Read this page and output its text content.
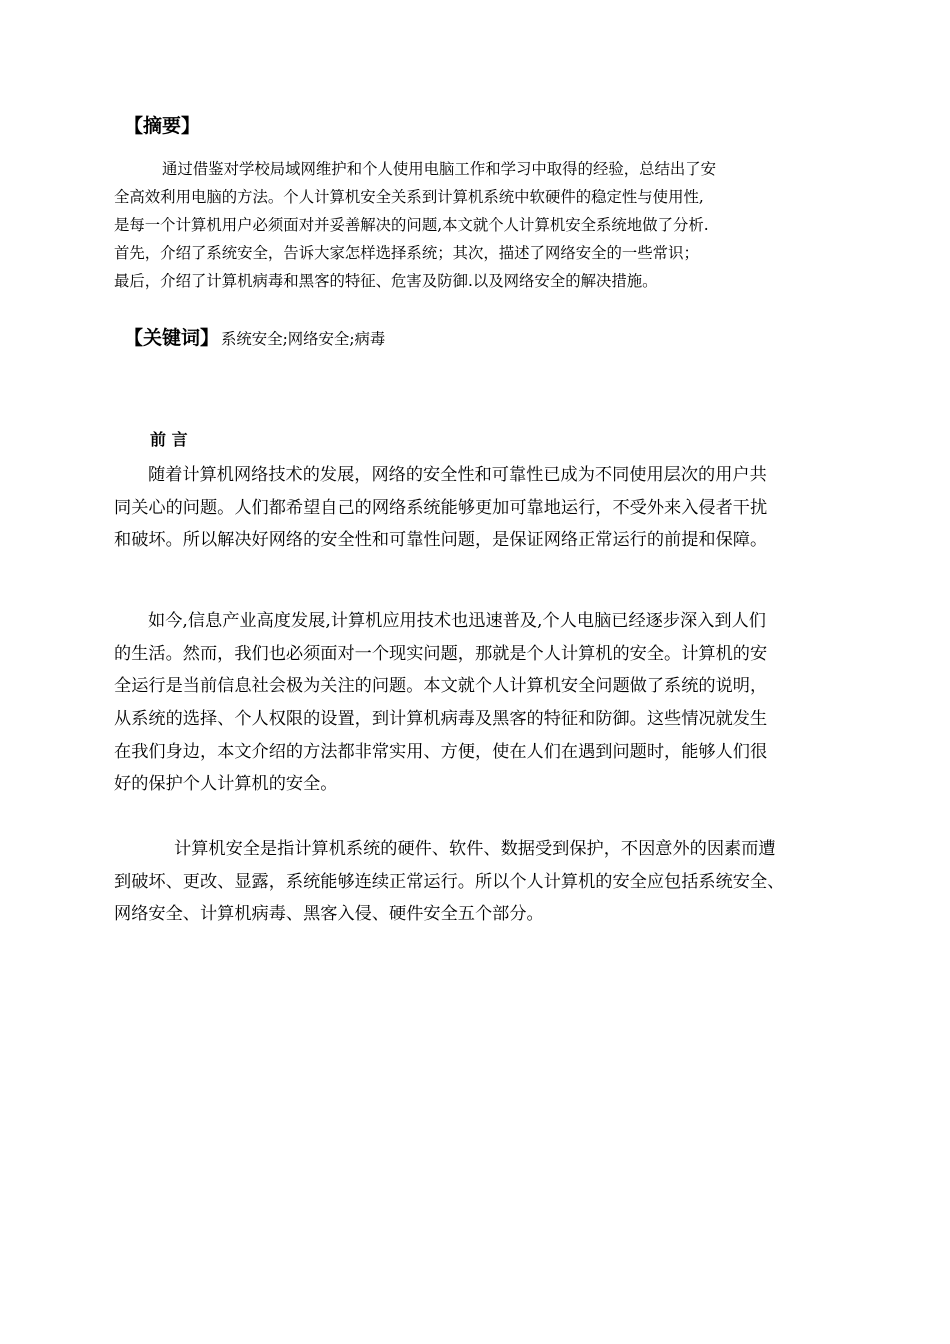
【摘要】
通过借鉴对学校局域网维护和个人使用电脑工作和学习中取得的经验，总结出了安
全高效利用电脑的方法。个人计算机安全关系到计算机系统中软硬件的稳定性与使用性,
是每一个计算机用户必须面对并妥善解决的问题,本文就个人计算机安全系统地做了分析.
首先，介绍了系统安全，告诉大家怎样选择系统；其次，描述了网络安全的一些常识；
最后，介绍了计算机病毒和黑客的特征、危害及防御.以及网络安全的解决措施。
【关键词】 系统安全;网络安全;病毒
前 言
随着计算机网络技术的发展，网络的安全性和可靠性已成为不同使用层次的用户共
同关心的问题。人们都希望自己的网络系统能够更加可靠地运行，不受外来入侵者干扰
和破坏。所以解决好网络的安全性和可靠性问题，是保证网络正常运行的前提和保障。
如今,信息产业高度发展,计算机应用技术也迅速普及,个人电脑已经逐步深入到人们
的生活。然而，我们也必须面对一个现实问题，那就是个人计算机的安全。计算机的安
全运行是当前信息社会极为关注的问题。本文就个人计算机安全问题做了系统的说明，
从系统的选择、个人权限的设置，到计算机病毒及黑客的特征和防御。这些情况就发生
在我们身边，本文介绍的方法都非常实用、方便，使在人们在遇到问题时，能够人们很
好的保护个人计算机的安全。
计算机安全是指计算机系统的硬件、软件、数据受到保护，不因意外的因素而遭
到破坏、更改、显露，系统能够连续正常运行。所以个人计算机的安全应包括系统安全、
网络安全、计算机病毒、黑客入侵、硬件安全五个部分。
